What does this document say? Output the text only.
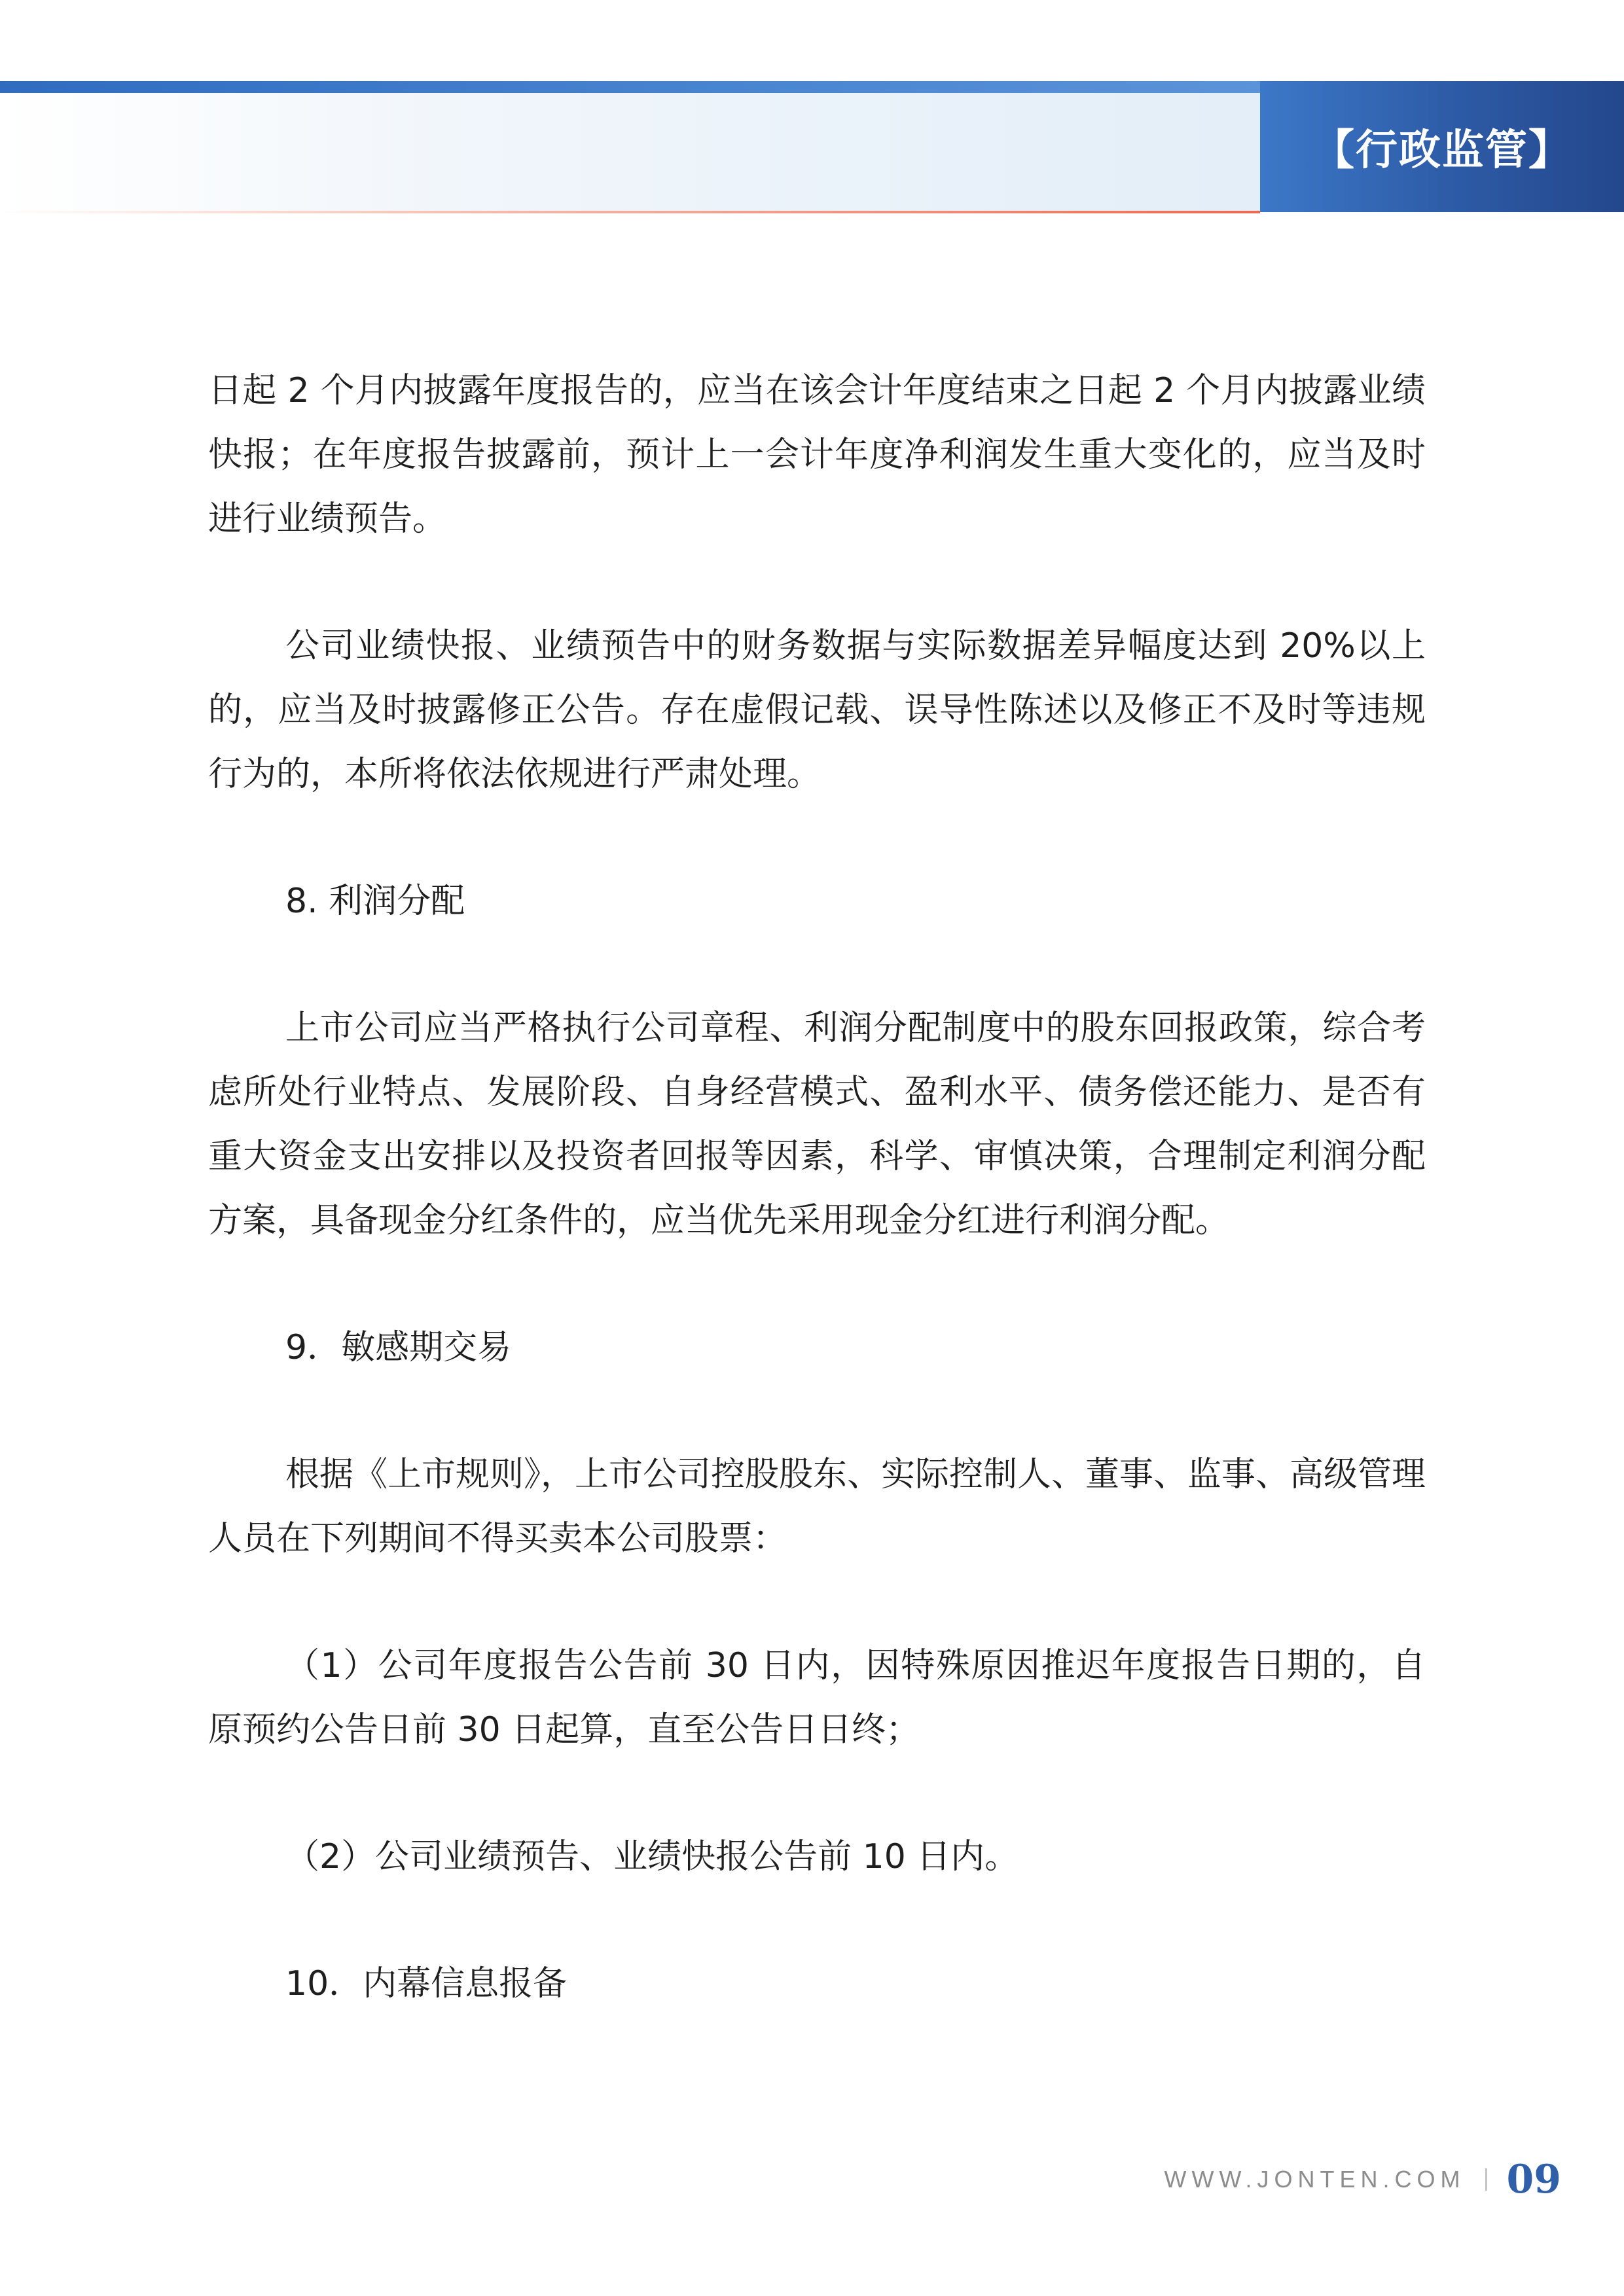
【行政监管】

日起 2 个月内披露年度报告的，应当在该会计年度结束之日起 2 个月内披露业绩快报；在年度报告披露前，预计上一会计年度净利润发生重大变化的，应当及时进行业绩预告。

公司业绩快报、业绩预告中的财务数据与实际数据差异幅度达到 20%以上的，应当及时披露修正公告。存在虚假记载、误导性陈述以及修正不及时等违规行为的，本所将依法依规进行严肃处理。

8. 利润分配

上市公司应当严格执行公司章程、利润分配制度中的股东回报政策，综合考虑所处行业特点、发展阶段、自身经营模式、盈利水平、债务偿还能力、是否有重大资金支出安排以及投资者回报等因素，科学、审慎决策，合理制定利润分配方案，具备现金分红条件的，应当优先采用现金分红进行利润分配。

9．敏感期交易

根据《上市规则》，上市公司控股股东、实际控制人、董事、监事、高级管理人员在下列期间不得买卖本公司股票：

（1）公司年度报告公告前 30 日内，因特殊原因推迟年度报告日期的，自原预约公告日前 30 日起算，直至公告日日终；

（2）公司业绩预告、业绩快报公告前 10 日内。

10．内幕信息报备

WWW.JONTEN.COM 09
